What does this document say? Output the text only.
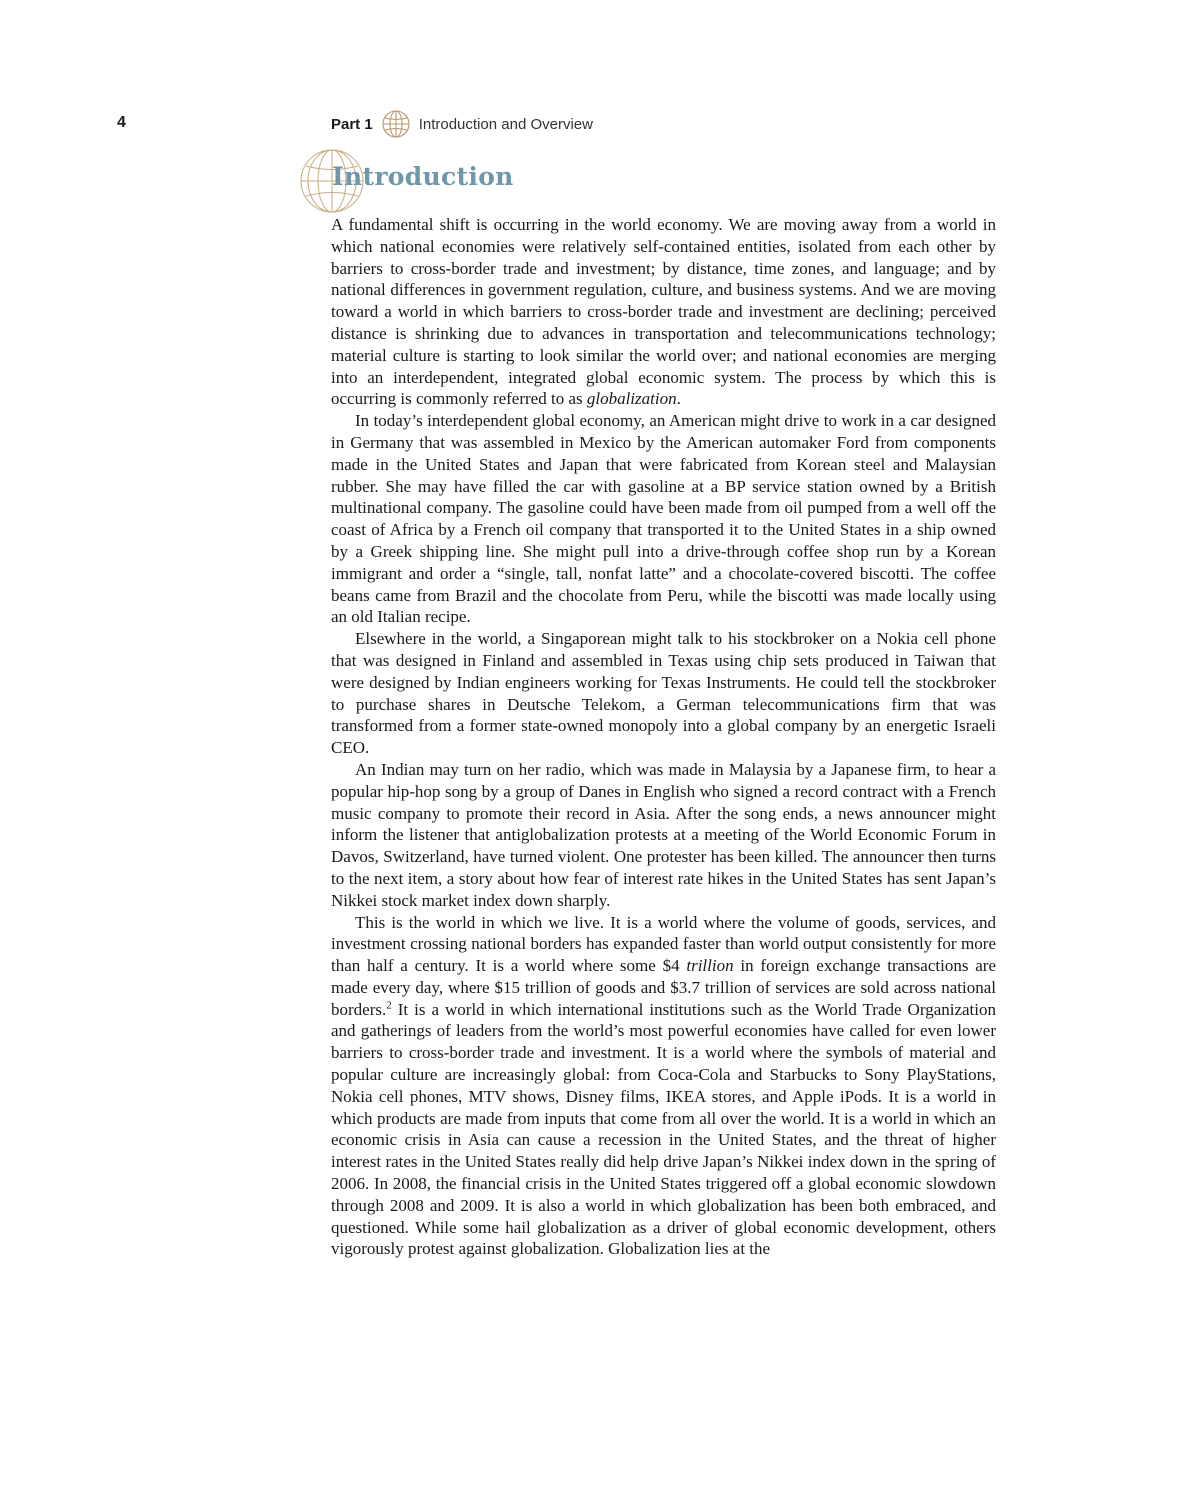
4	Part 1	Introduction and Overview
Introduction

A fundamental shift is occurring in the world economy. We are moving away from a world in which national economies were relatively self-contained entities, isolated from each other by barriers to cross-border trade and investment; by distance, time zones, and language; and by national differences in government regulation, culture, and business systems. And we are moving toward a world in which barriers to cross-border trade and investment are declining; perceived distance is shrinking due to advances in transportation and telecommunications technology; material culture is starting to look similar the world over; and national economies are merging into an interdependent, integrated global economic system. The process by which this is occurring is commonly referred to as globalization.

In today’s interdependent global economy, an American might drive to work in a car designed in Germany that was assembled in Mexico by the American automaker Ford from components made in the United States and Japan that were fabricated from Korean steel and Malaysian rubber. She may have filled the car with gasoline at a BP service station owned by a British multinational company. The gasoline could have been made from oil pumped from a well off the coast of Africa by a French oil company that transported it to the United States in a ship owned by a Greek shipping line. She might pull into a drive-through coffee shop run by a Korean immigrant and order a “single, tall, nonfat latte” and a chocolate-covered biscotti. The coffee beans came from Brazil and the chocolate from Peru, while the biscotti was made locally using an old Italian recipe.

Elsewhere in the world, a Singaporean might talk to his stockbroker on a Nokia cell phone that was designed in Finland and assembled in Texas using chip sets produced in Taiwan that were designed by Indian engineers working for Texas Instruments. He could tell the stockbroker to purchase shares in Deutsche Telekom, a German telecommunications firm that was transformed from a former state-owned monopoly into a global company by an energetic Israeli CEO.

An Indian may turn on her radio, which was made in Malaysia by a Japanese firm, to hear a popular hip-hop song by a group of Danes in English who signed a record contract with a French music company to promote their record in Asia. After the song ends, a news announcer might inform the listener that antiglobalization protests at a meeting of the World Economic Forum in Davos, Switzerland, have turned violent. One protester has been killed. The announcer then turns to the next item, a story about how fear of interest rate hikes in the United States has sent Japan’s Nikkei stock market index down sharply.

This is the world in which we live. It is a world where the volume of goods, services, and investment crossing national borders has expanded faster than world output consistently for more than half a century. It is a world where some $4 trillion in foreign exchange transactions are made every day, where $15 trillion of goods and $3.7 trillion of services are sold across national borders.$^2$ It is a world in which international institutions such as the World Trade Organization and gatherings of leaders from the world’s most powerful economies have called for even lower barriers to cross-border trade and investment. It is a world where the symbols of material and popular culture are increasingly global: from Coca-Cola and Starbucks to Sony PlayStations, Nokia cell phones, MTV shows, Disney films, IKEA stores, and Apple iPods. It is a world in which products are made from inputs that come from all over the world. It is a world in which an economic crisis in Asia can cause a recession in the United States, and the threat of higher interest rates in the United States really did help drive Japan’s Nikkei index down in the spring of 2006. In 2008, the financial crisis in the United States triggered off a global economic slowdown through 2008 and 2009. It is also a world in which globalization has been both embraced, and questioned. While some hail globalization as a driver of global economic development, others vigorously protest against globalization. Globalization lies at the
